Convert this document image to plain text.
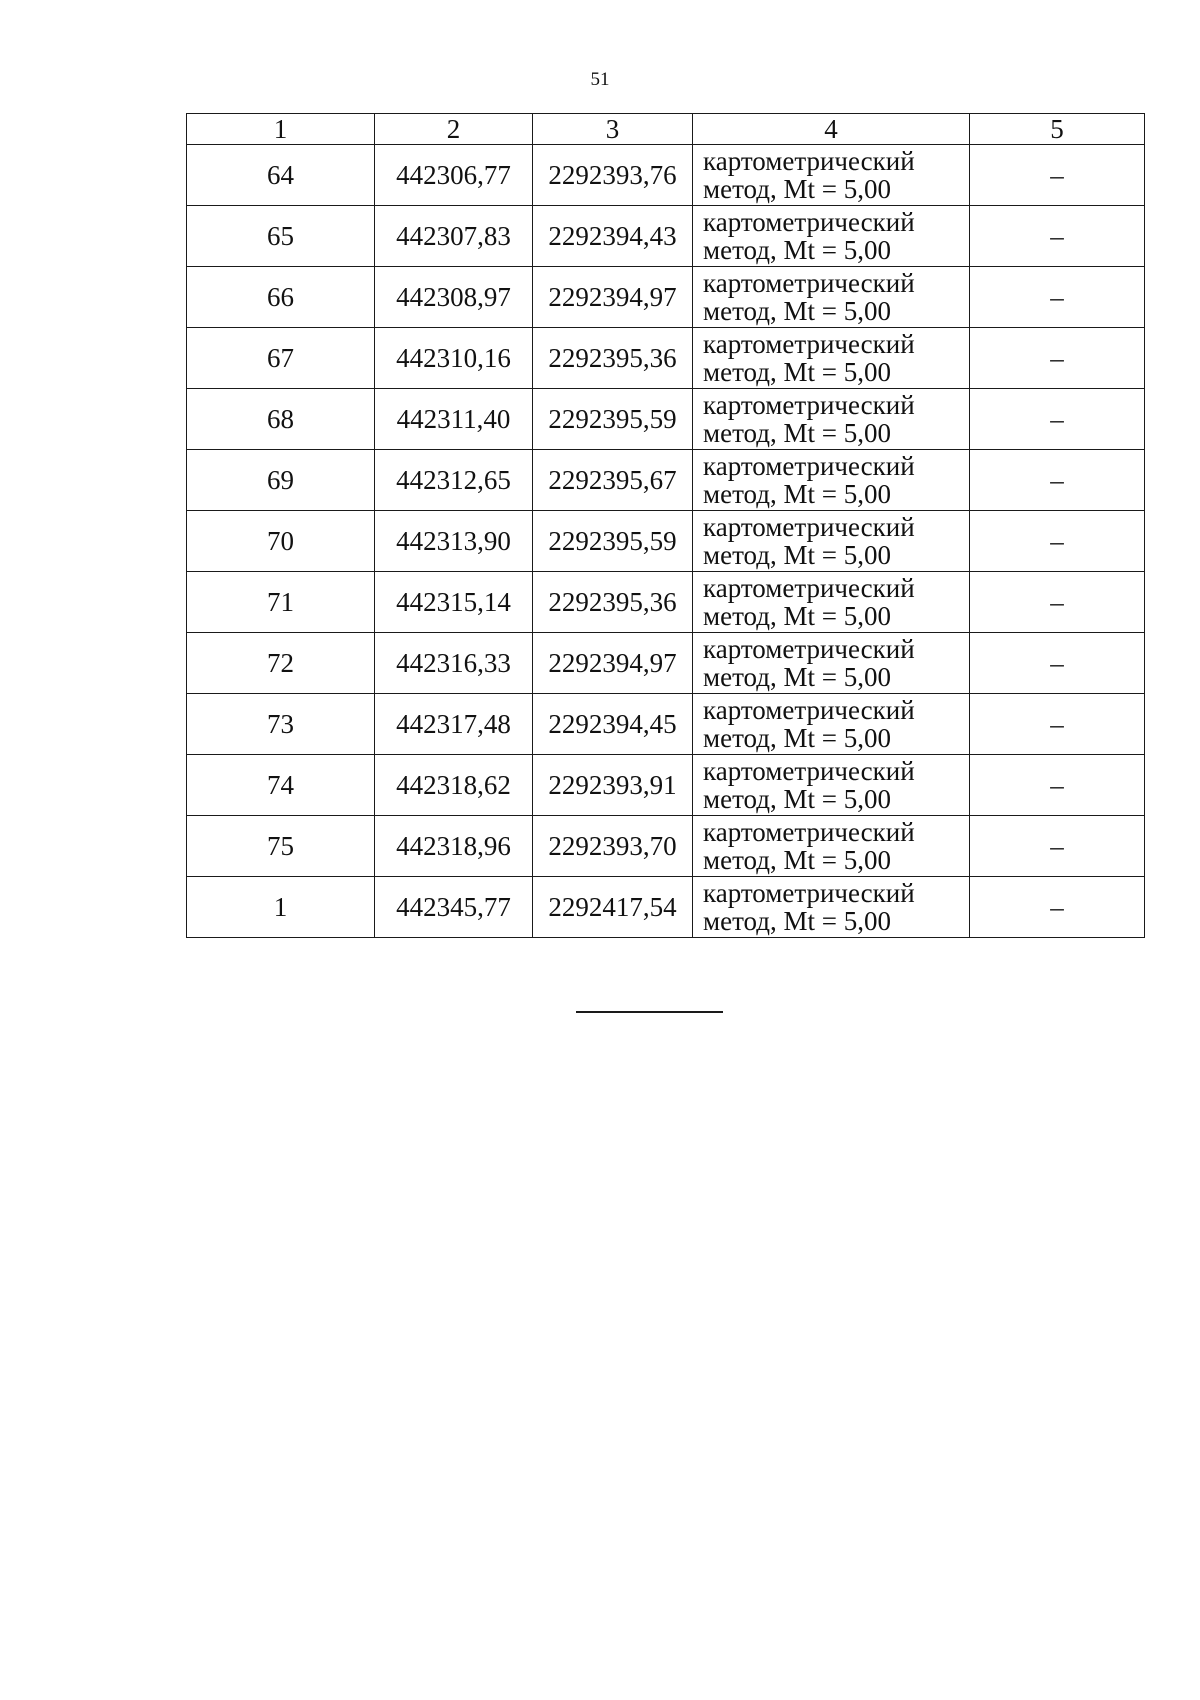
51
1	2	3	4	5
64	442306,77	2292393,76	картометрический
метод, Mt = 5,00	–
65	442307,83	2292394,43	картометрический
метод, Mt = 5,00	–
66	442308,97	2292394,97	картометрический
метод, Mt = 5,00	–
67	442310,16	2292395,36	картометрический
метод, Mt = 5,00	–
68	442311,40	2292395,59	картометрический
метод, Mt = 5,00	–
69	442312,65	2292395,67	картометрический
метод, Mt = 5,00	–
70	442313,90	2292395,59	картометрический
метод, Mt = 5,00	–
71	442315,14	2292395,36	картометрический
метод, Mt = 5,00	–
72	442316,33	2292394,97	картометрический
метод, Mt = 5,00	–
73	442317,48	2292394,45	картометрический
метод, Mt = 5,00	–
74	442318,62	2292393,91	картометрический
метод, Mt = 5,00	–
75	442318,96	2292393,70	картометрический
метод, Mt = 5,00	–
1	442345,77	2292417,54	картометрический
метод, Mt = 5,00	–
